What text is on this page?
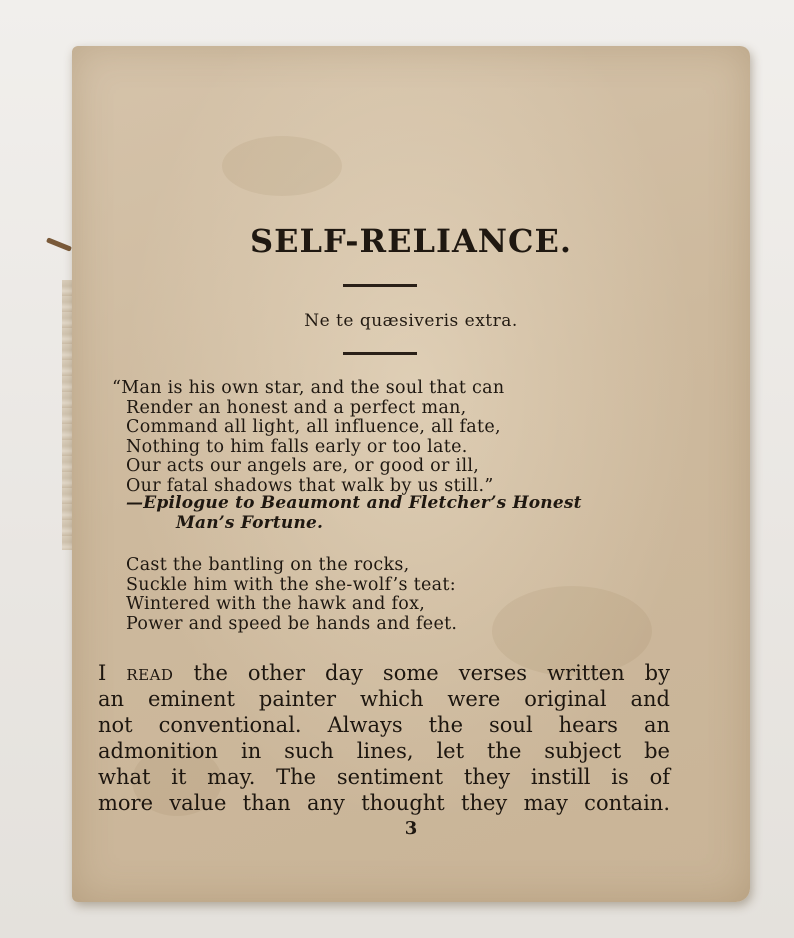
SELF-RELIANCE.
Ne te quæsiveris extra.
“Man is his own star, and the soul that can
Render an honest and a perfect man,
Command all light, all influence, all fate,
Nothing to him falls early or too late.
Our acts our angels are, or good or ill,
Our fatal shadows that walk by us still.”
—Epilogue to Beaumont and Fletcher’s Honest
Man’s Fortune.
Cast the bantling on the rocks,
Suckle him with the she-wolf’s teat:
Wintered with the hawk and fox,
Power and speed be hands and feet.
I read the other day some verses written by
an eminent painter which were original and
not conventional. Always the soul hears an
admonition in such lines, let the subject be
what it may. The sentiment they instill is of
more value than any thought they may contain.
3
